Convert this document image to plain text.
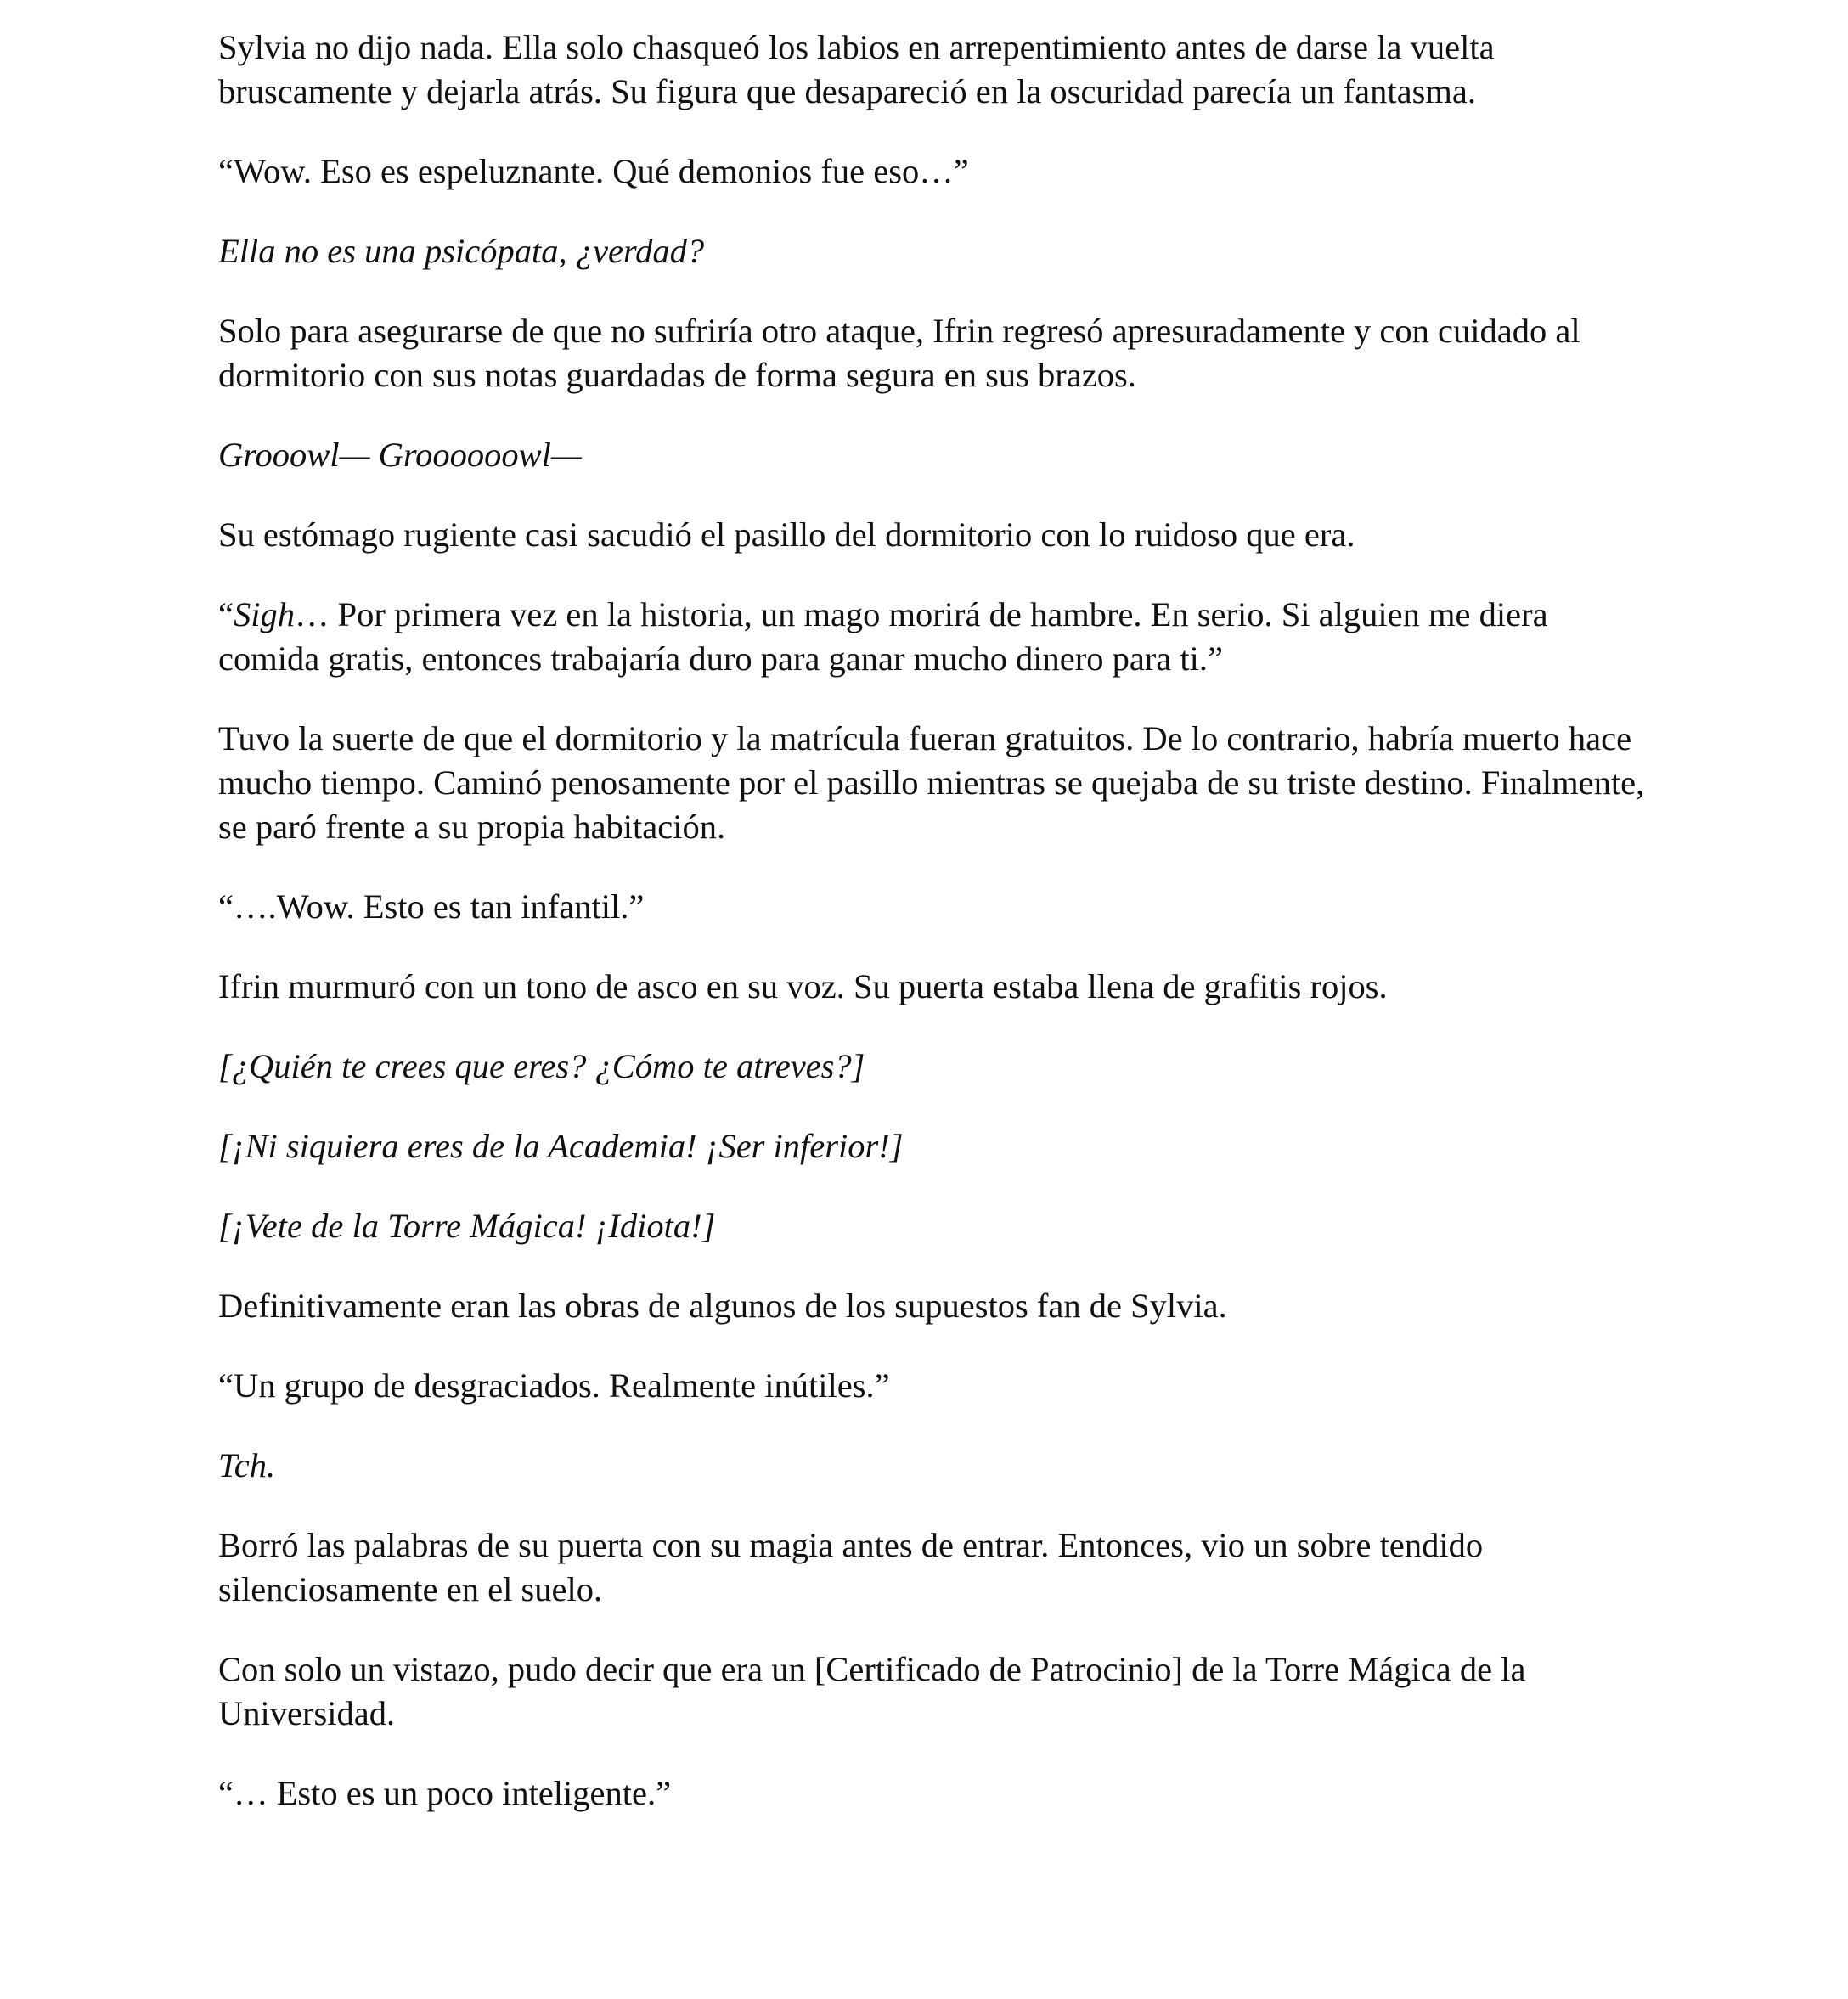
Sylvia no dijo nada. Ella solo chasqueó los labios en arrepentimiento antes de darse la vuelta bruscamente y dejarla atrás. Su figura que desapareció en la oscuridad parecía un fantasma.

“Wow. Eso es espeluznante. Qué demonios fue eso…”

Ella no es una psicópata, ¿verdad?

Solo para asegurarse de que no sufriría otro ataque, Ifrin regresó apresuradamente y con cuidado al dormitorio con sus notas guardadas de forma segura en sus brazos.

Grooowl— Groooooowl—

Su estómago rugiente casi sacudió el pasillo del dormitorio con lo ruidoso que era.

“Sigh… Por primera vez en la historia, un mago morirá de hambre. En serio. Si alguien me diera comida gratis, entonces trabajaría duro para ganar mucho dinero para ti.”

Tuvo la suerte de que el dormitorio y la matrícula fueran gratuitos. De lo contrario, habría muerto hace mucho tiempo. Caminó penosamente por el pasillo mientras se quejaba de su triste destino. Finalmente, se paró frente a su propia habitación.

“….Wow. Esto es tan infantil.”

Ifrin murmuró con un tono de asco en su voz. Su puerta estaba llena de grafitis rojos.

[¿Quién te crees que eres? ¿Cómo te atreves?]

[¡Ni siquiera eres de la Academia! ¡Ser inferior!]

[¡Vete de la Torre Mágica! ¡Idiota!]

Definitivamente eran las obras de algunos de los supuestos fan de Sylvia.

“Un grupo de desgraciados. Realmente inútiles.”

Tch.

Borró las palabras de su puerta con su magia antes de entrar. Entonces, vio un sobre tendido silenciosamente en el suelo.

Con solo un vistazo, pudo decir que era un [Certificado de Patrocinio] de la Torre Mágica de la Universidad.

“… Esto es un poco inteligente.”
